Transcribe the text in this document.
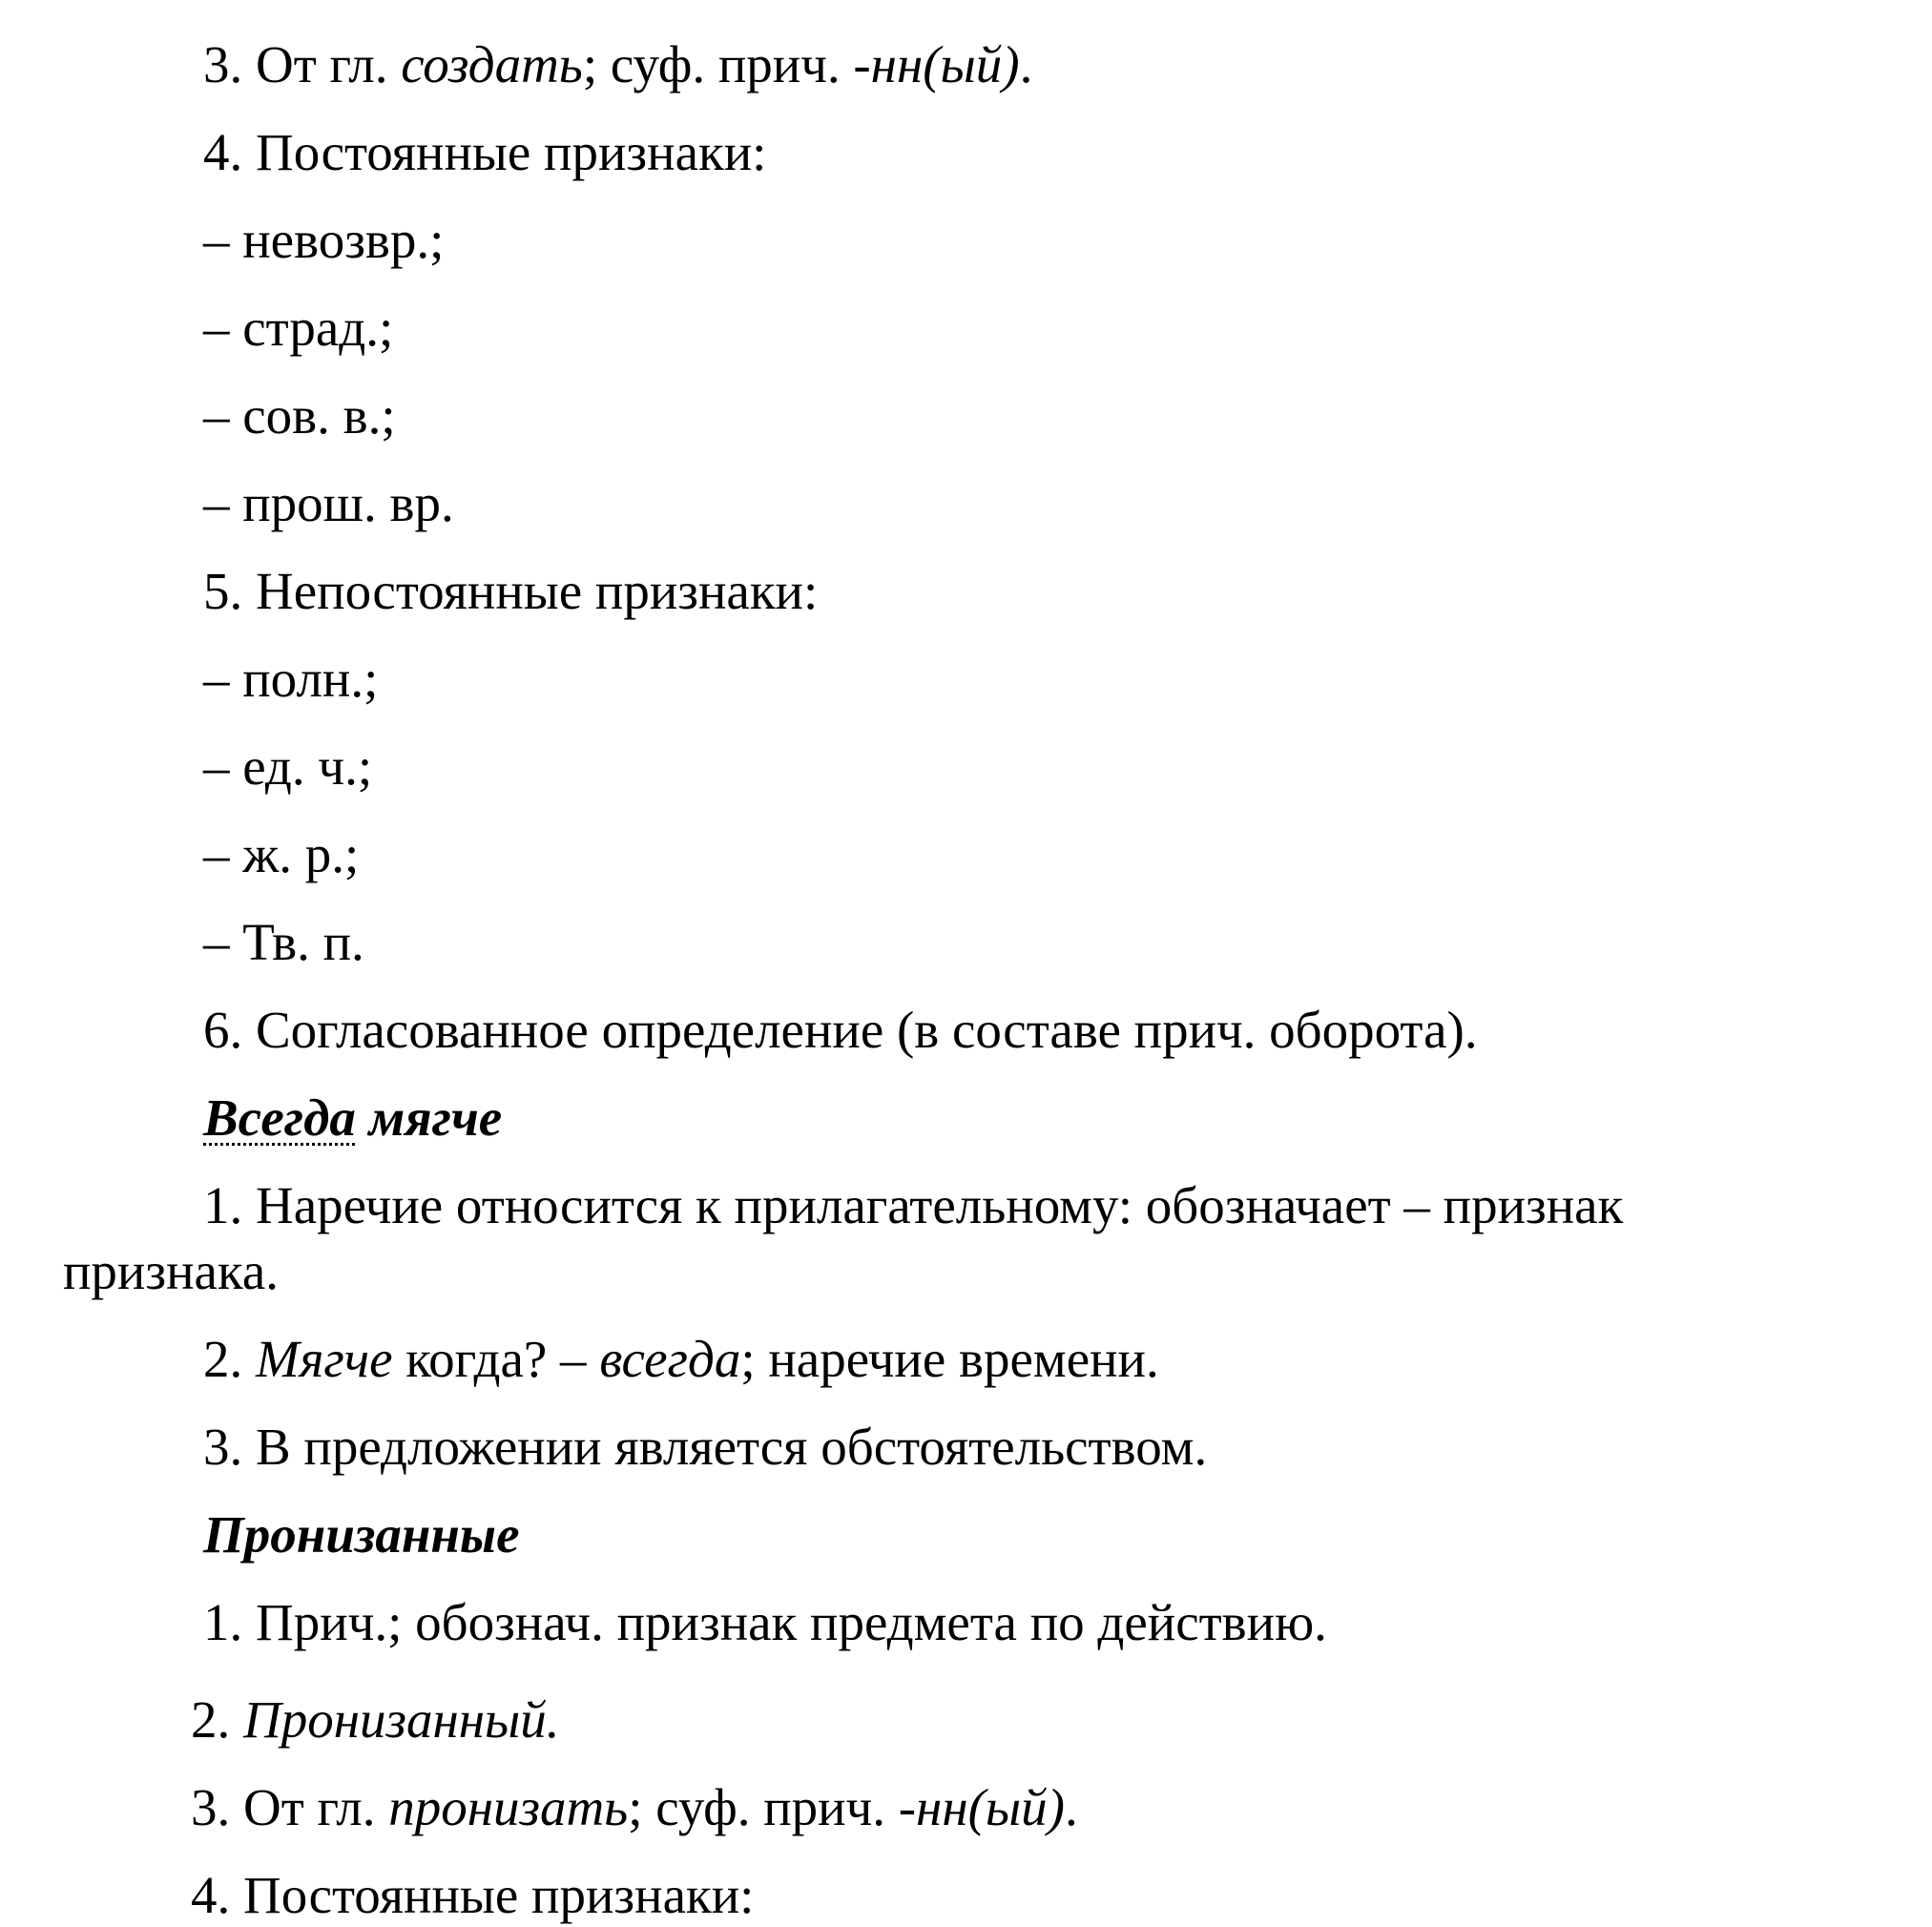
3. От гл. создать; суф. прич. -нн(ый).
4. Постоянные признаки:
– невозвр.;
– страд.;
– сов. в.;
– прош. вр.
5. Непостоянные признаки:
– полн.;
– ед. ч.;
– ж. р.;
– Тв. п.
6. Согласованное определение (в составе прич. оборота).
Всегда мягче
1. Наречие относится к прилагательному: обозначает – признак
признака.
2. Мягче когда? – всегда; наречие времени.
3. В предложении является обстоятельством.
Пронизанные
1. Прич.; обознач. признак предмета по действию.
2. Пронизанный.
3. От гл. пронизать; суф. прич. -нн(ый).
4. Постоянные признаки:
